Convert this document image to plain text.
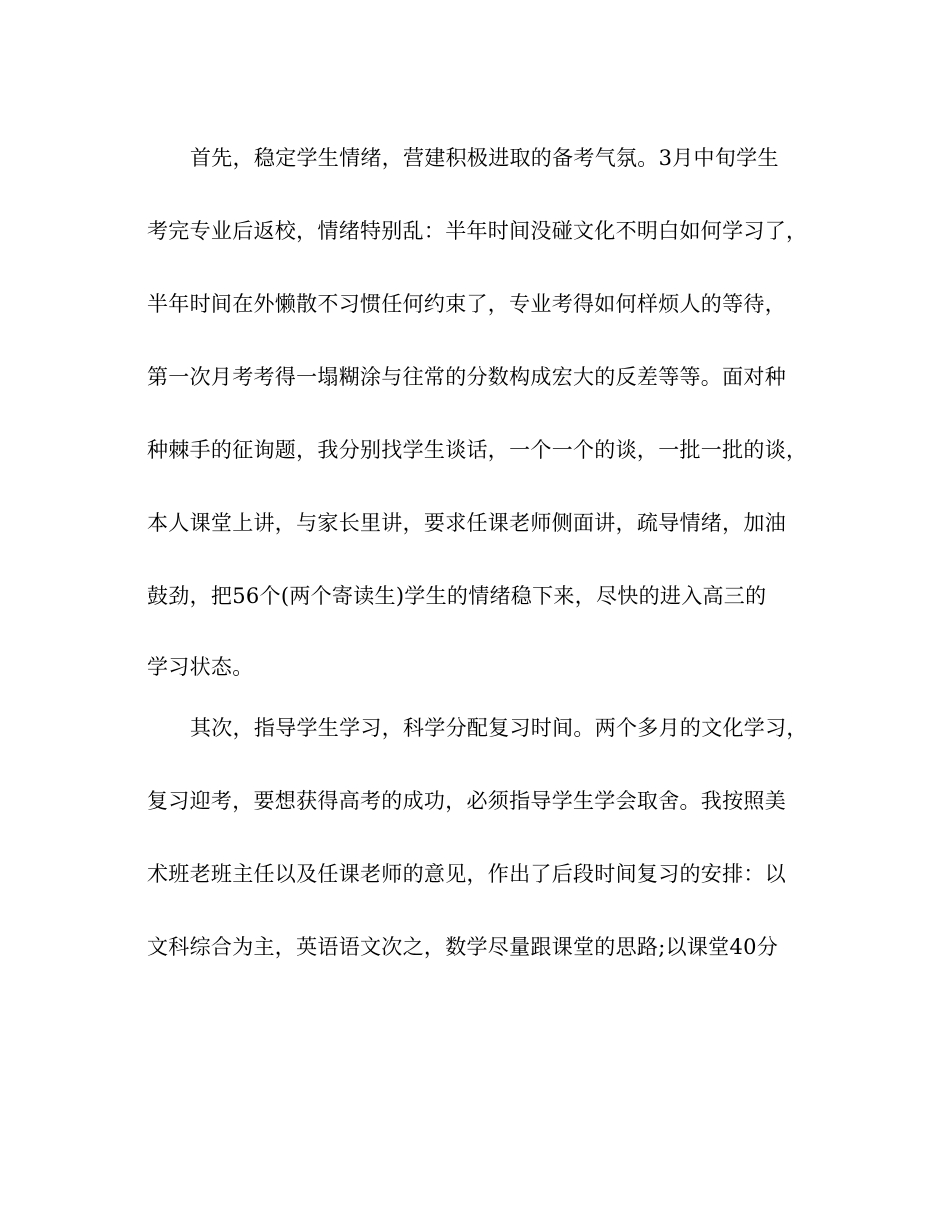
首先，稳定学生情绪，营建积极进取的备考气氛。3月中旬学生
考完专业后返校，情绪特别乱：半年时间没碰文化不明白如何学习了，
半年时间在外懒散不习惯任何约束了，专业考得如何样烦人的等待，
第一次月考考得一塌糊涂与往常的分数构成宏大的反差等等。面对种
种棘手的征询题，我分别找学生谈话，一个一个的谈，一批一批的谈，
本人课堂上讲，与家长里讲，要求任课老师侧面讲，疏导情绪，加油
鼓劲，把56个(两个寄读生)学生的情绪稳下来，尽快的进入高三的
学习状态。
其次，指导学生学习，科学分配复习时间。两个多月的文化学习，
复习迎考，要想获得高考的成功，必须指导学生学会取舍。我按照美
术班老班主任以及任课老师的意见，作出了后段时间复习的安排：以
文科综合为主，英语语文次之，数学尽量跟课堂的思路;以课堂40分
